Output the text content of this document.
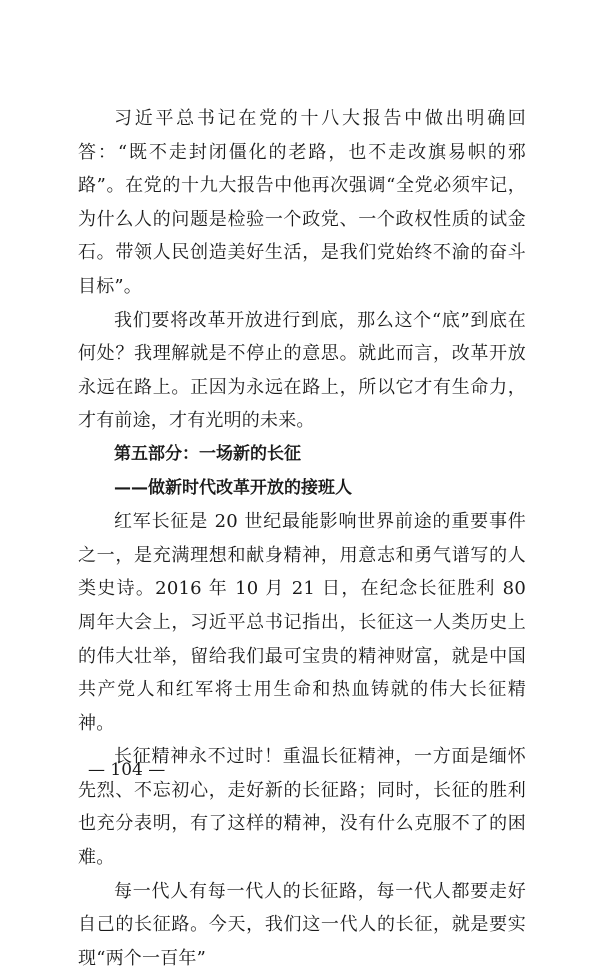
习近平总书记在党的十八大报告中做出明确回答：“既不走封闭僵化的老路，也不走改旗易帜的邪路”。在党的十九大报告中他再次强调“全党必须牢记，为什么人的问题是检验一个政党、一个政权性质的试金石。带领人民创造美好生活，是我们党始终不渝的奋斗目标”。

我们要将改革开放进行到底，那么这个“底”到底在何处？我理解就是不停止的意思。就此而言，改革开放永远在路上。正因为永远在路上，所以它才有生命力，才有前途，才有光明的未来。

第五部分：一场新的长征

——做新时代改革开放的接班人

红军长征是 20 世纪最能影响世界前途的重要事件之一，是充满理想和献身精神，用意志和勇气谱写的人类史诗。2016 年 10 月 21 日，在纪念长征胜利 80 周年大会上，习近平总书记指出，长征这一人类历史上的伟大壮举，留给我们最可宝贵的精神财富，就是中国共产党人和红军将士用生命和热血铸就的伟大长征精神。

长征精神永不过时！重温长征精神，一方面是缅怀先烈、不忘初心，走好新的长征路；同时，长征的胜利也充分表明，有了这样的精神，没有什么克服不了的困难。

每一代人有每一代人的长征路，每一代人都要走好自己的长征路。今天，我们这一代人的长征，就是要实现“两个一百年”

— 104 —
